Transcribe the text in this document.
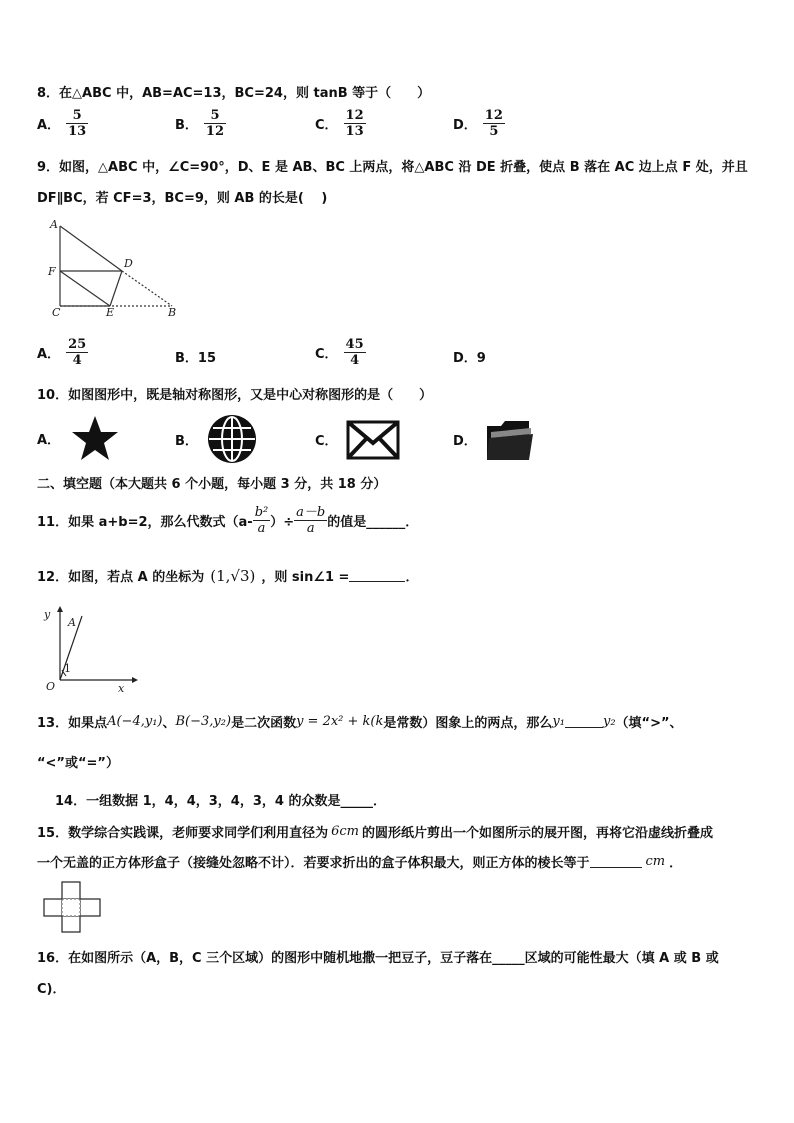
8．在△ABC 中，AB=AC=13，BC=24，则 tanB 等于（　　）
A． $\frac{5}{13}$	B． $\frac{5}{12}$	C． $\frac{12}{13}$	D． $\frac{12}{5}$
9．如图，△ABC 中，∠C=90°，D、E 是 AB、BC 上两点，将△ABC 沿 DE 折叠，使点 B 落在 AC 边上点 F 处，并且
DF∥BC，若 CF=3，BC=9，则 AB 的长是(　 )
A
F
D
C	E	B
A． $\frac{25}{4}$	B．15	C． $\frac{45}{4}$	D．9
10．如图图形中，既是轴对称图形，又是中心对称图形的是（　　）
A．	B．	C．	D．
二、填空题（本大题共 6 个小题，每小题 3 分，共 18 分）
11．如果 a+b=2，那么代数式（$a- \frac{\text{b²}}{a}$ ）÷ $\frac{a-b}{a}$ 的值是______．
12．如图，若点 A 的坐标为 (1,√3) ，则 sin∠1 =	．
y
A
1
O	x
13．如果点 A(−4,y₁) 、 B(−3,y₂) 是二次函数 y = 2x² + k(k 是常数）图象上的两点，那么 y₁	y₂ （填“>”、
“<”或“=”）
14．一组数据 1，4，4，3，4，3，4 的众数是_____．
15．数学综合实践课，老师要求同学们利用直径为 6cm 的圆形纸片剪出一个如图所示的展开图，再将它沿虚线折叠成
一个无盖的正方体形盒子（接缝处忽略不计）．若要求折出的盒子体积最大，则正方体的棱长等于	cm ．
16．在如图所示（A，B，C 三个区域）的图形中随机地撒一把豆子，豆子落在_____区域的可能性最大（填 A 或 B 或
C)．
